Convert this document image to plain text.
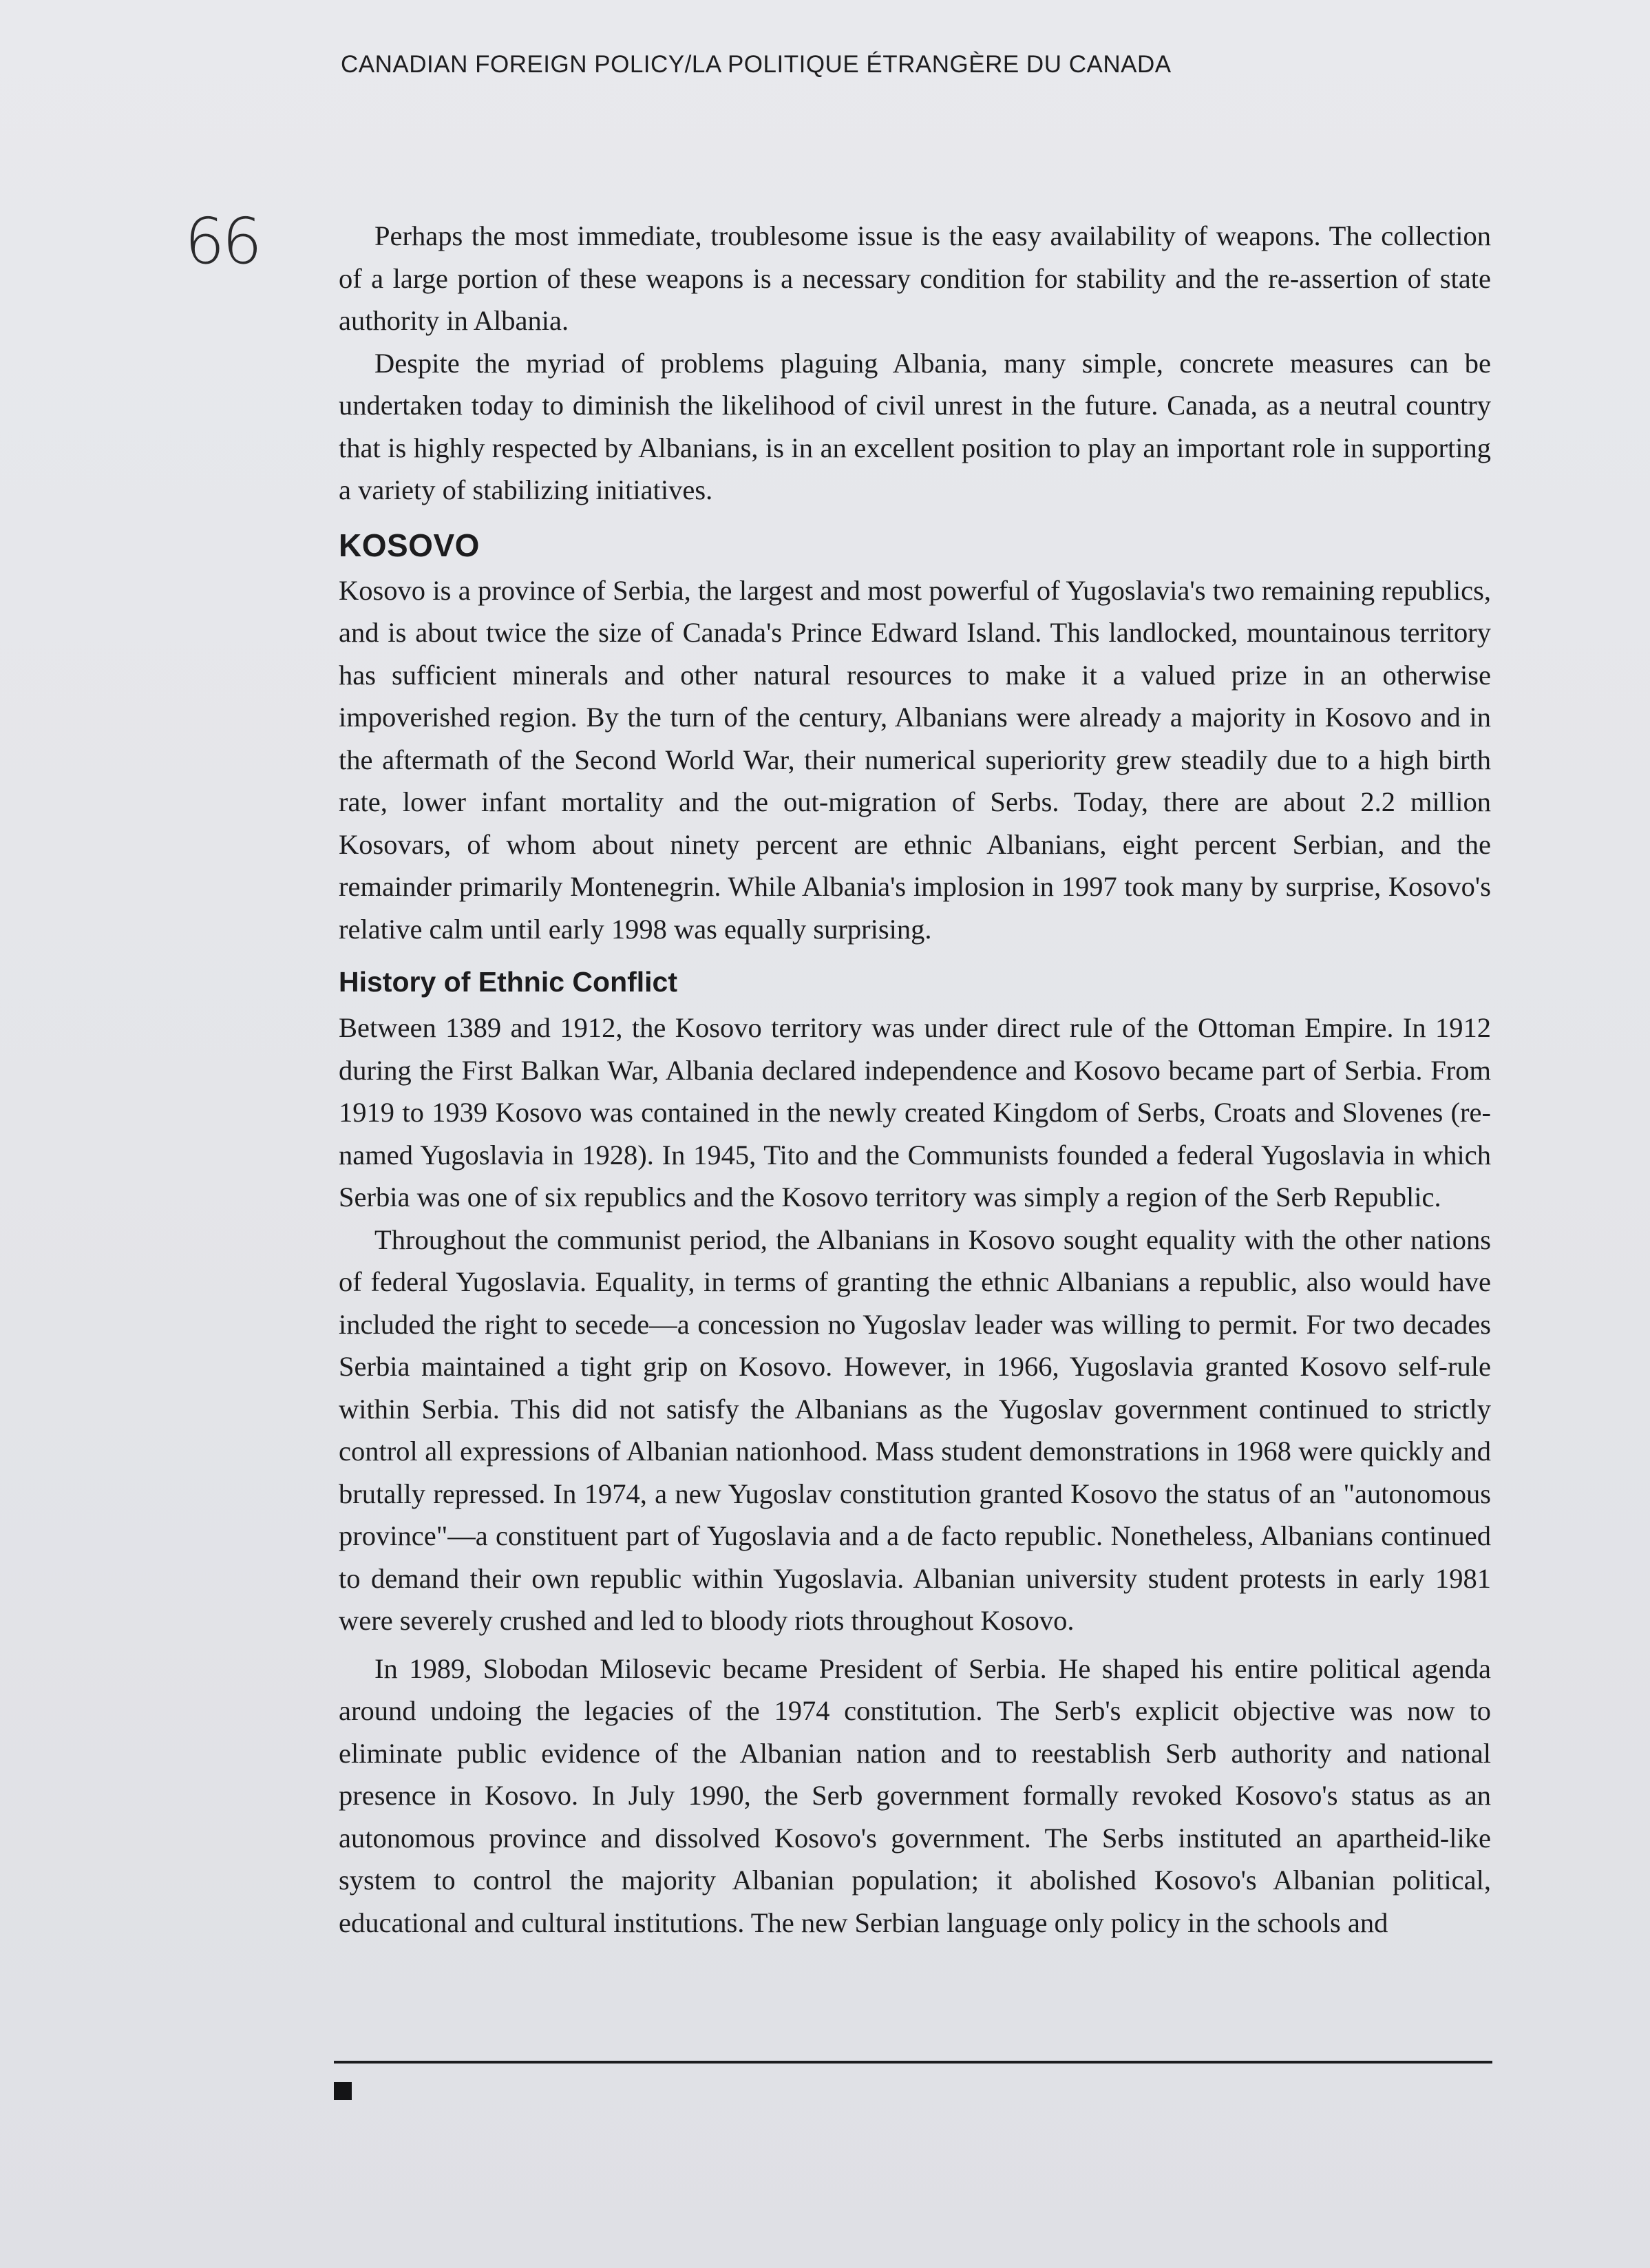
CANADIAN FOREIGN POLICY/LA POLITIQUE ÉTRANGÈRE DU CANADA
66	Perhaps the most immediate, troublesome issue is the easy availability of weapons. The collection of a large portion of these weapons is a necessary condition for stability and the re-assertion of state authority in Albania.

Despite the myriad of problems plaguing Albania, many simple, concrete measures can be undertaken today to diminish the likelihood of civil unrest in the future. Canada, as a neutral country that is highly respected by Albanians, is in an excellent position to play an important role in supporting a variety of stabilizing initiatives.

KOSOVO

Kosovo is a province of Serbia, the largest and most powerful of Yugoslavia's two remaining republics, and is about twice the size of Canada's Prince Edward Island. This landlocked, mountainous territory has sufficient minerals and other natural resources to make it a valued prize in an otherwise impoverished region. By the turn of the century, Albanians were already a majority in Kosovo and in the aftermath of the Second World War, their numerical superiority grew steadily due to a high birth rate, lower infant mortality and the out-migration of Serbs. Today, there are about 2.2 million Kosovars, of whom about ninety percent are ethnic Albanians, eight percent Serbian, and the remainder primarily Montenegrin. While Albania's implosion in 1997 took many by surprise, Kosovo's relative calm until early 1998 was equally surprising.

History of Ethnic Conflict

Between 1389 and 1912, the Kosovo territory was under direct rule of the Ottoman Empire. In 1912 during the First Balkan War, Albania declared independence and Kosovo became part of Serbia. From 1919 to 1939 Kosovo was contained in the newly created Kingdom of Serbs, Croats and Slovenes (re-named Yugoslavia in 1928). In 1945, Tito and the Communists founded a federal Yugoslavia in which Serbia was one of six republics and the Kosovo territory was simply a region of the Serb Republic.

Throughout the communist period, the Albanians in Kosovo sought equality with the other nations of federal Yugoslavia. Equality, in terms of granting the ethnic Albanians a republic, also would have included the right to secede—a concession no Yugoslav leader was willing to permit. For two decades Serbia maintained a tight grip on Kosovo. However, in 1966, Yugoslavia granted Kosovo self-rule within Serbia. This did not satisfy the Albanians as the Yugoslav government continued to strictly control all expressions of Albanian nationhood. Mass student demonstrations in 1968 were quickly and brutally repressed. In 1974, a new Yugoslav constitution granted Kosovo the status of an "autonomous province"—a constituent part of Yugoslavia and a de facto republic. Nonetheless, Albanians continued to demand their own republic within Yugoslavia. Albanian university student protests in early 1981 were severely crushed and led to bloody riots throughout Kosovo.

In 1989, Slobodan Milosevic became President of Serbia. He shaped his entire political agenda around undoing the legacies of the 1974 constitution. The Serb's explicit objective was now to eliminate public evidence of the Albanian nation and to reestablish Serb authority and national presence in Kosovo. In July 1990, the Serb government formally revoked Kosovo's status as an autonomous province and dissolved Kosovo's government. The Serbs instituted an apartheid-like system to control the majority Albanian population; it abolished Kosovo's Albanian political, educational and cultural institutions. The new Serbian language only policy in the schools and
